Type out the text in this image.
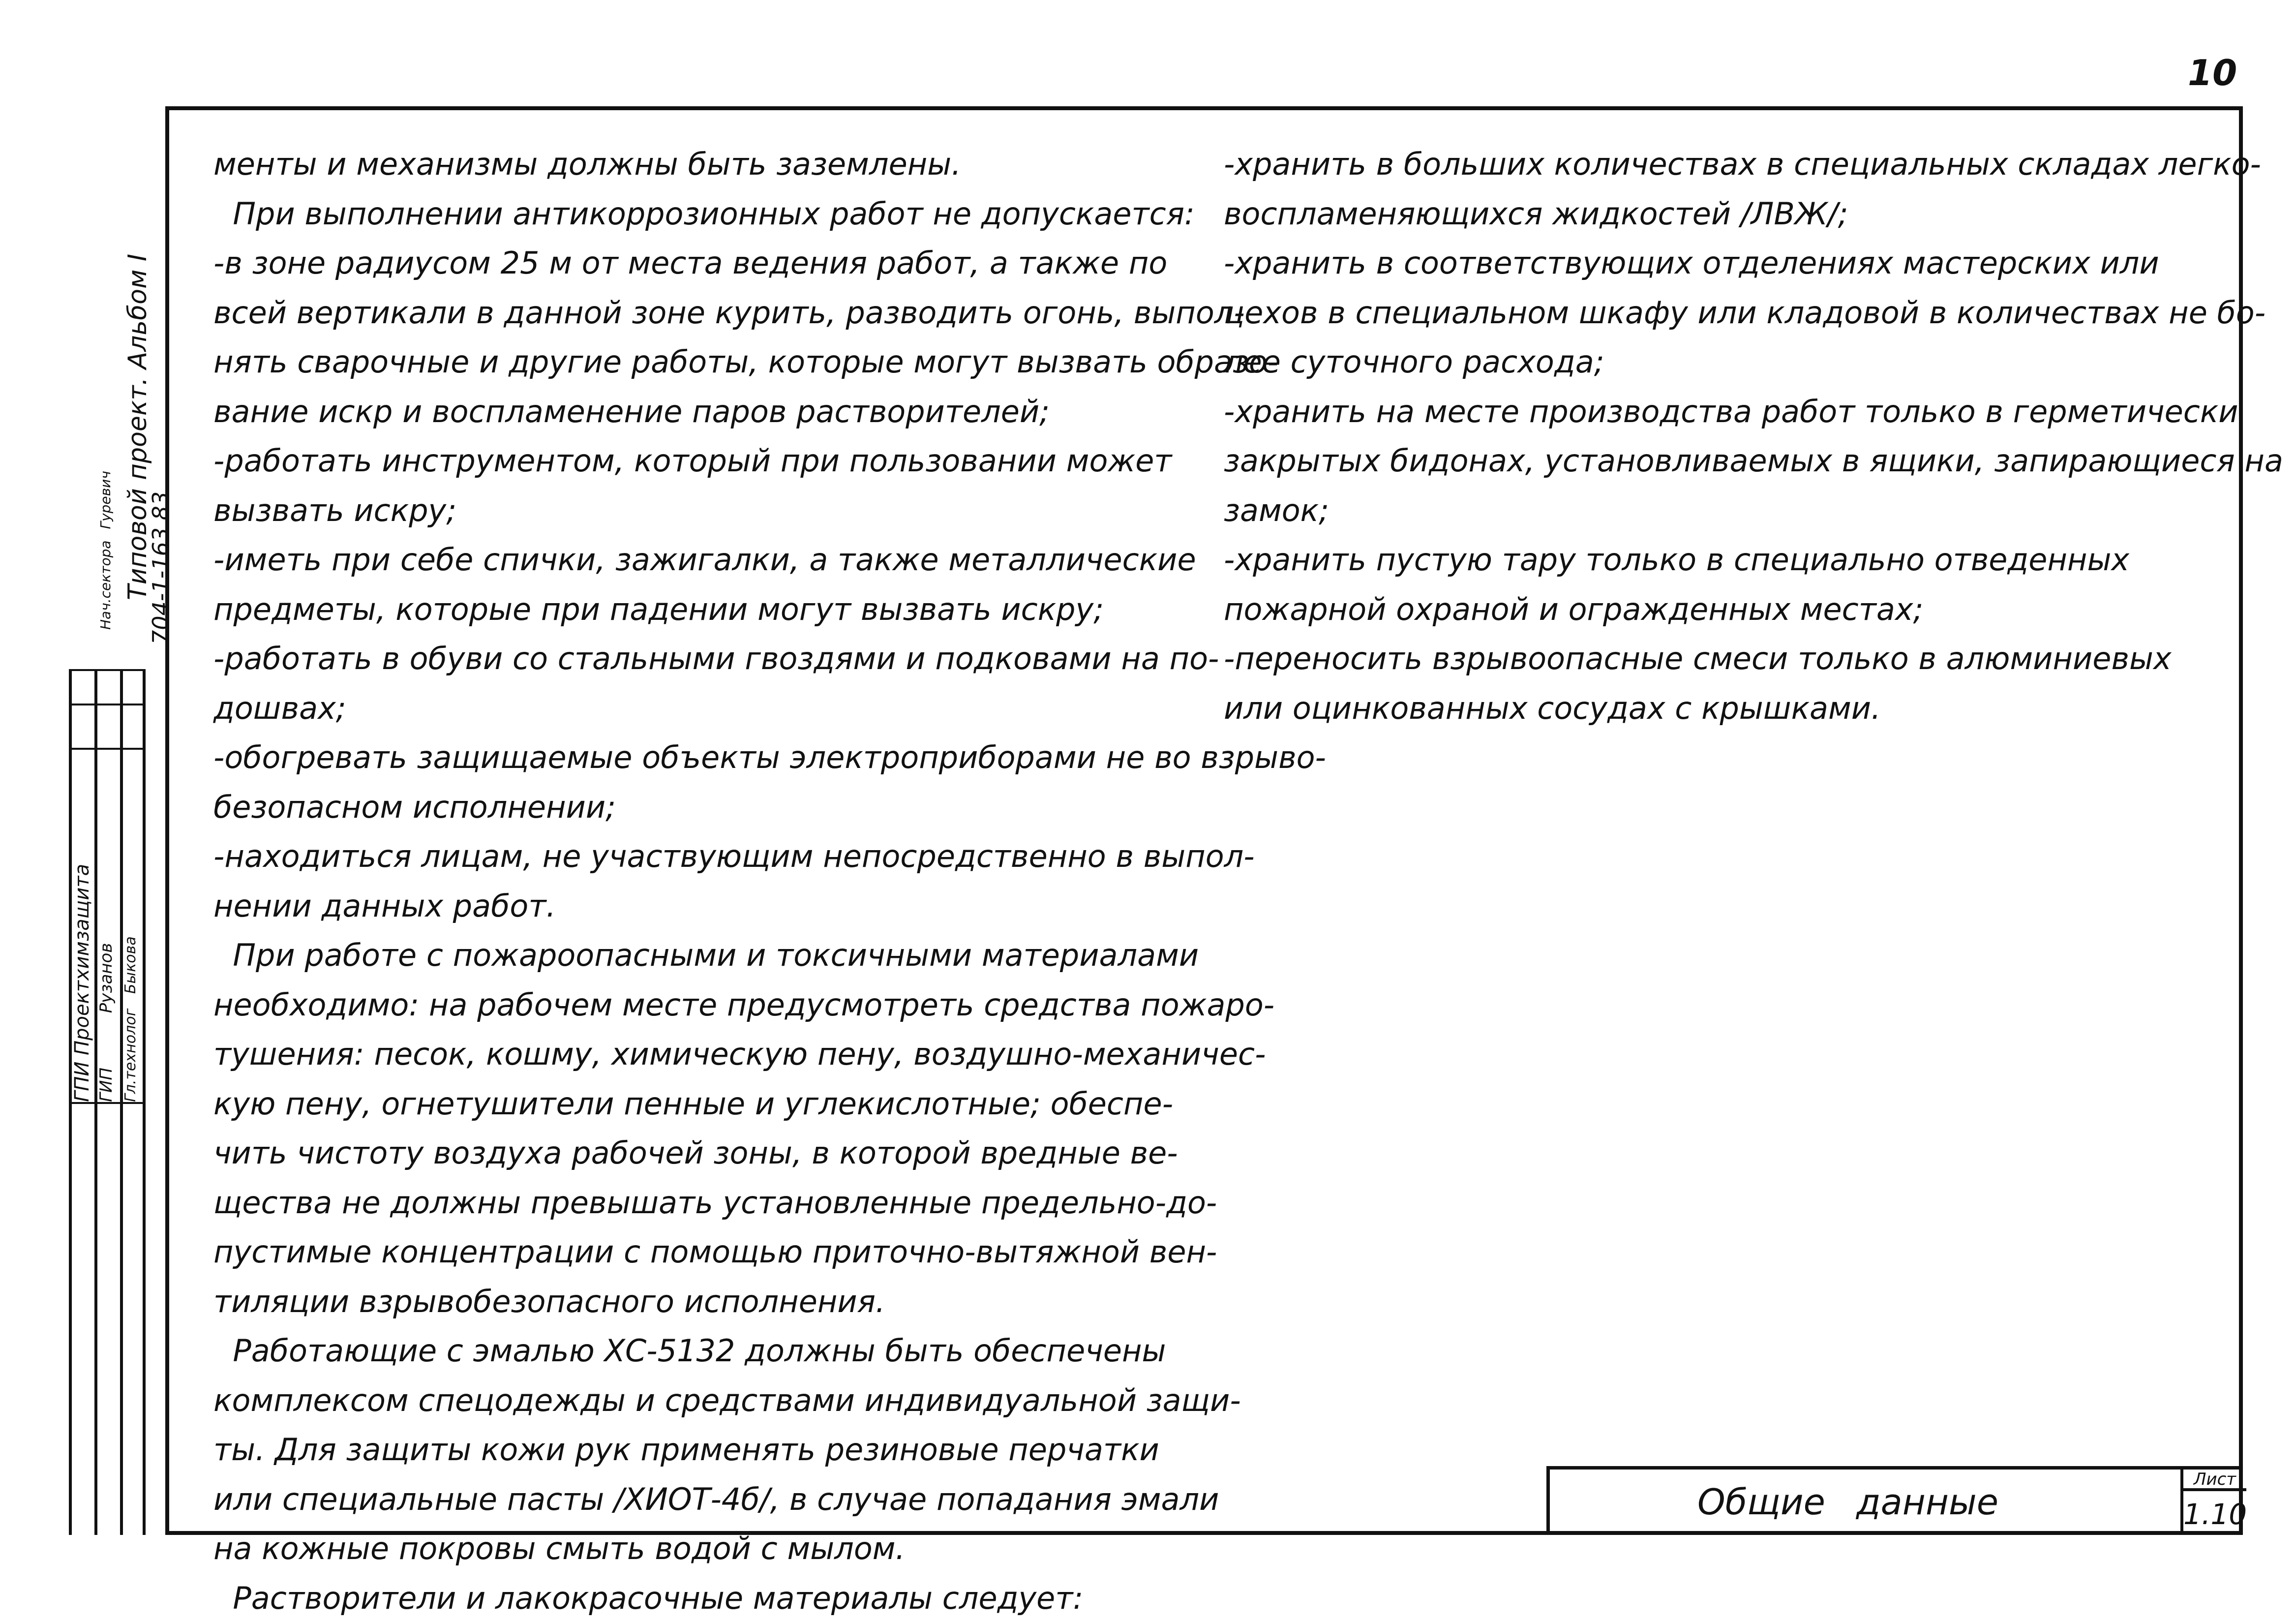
10
менты и механизмы должны быть заземлены.
При выполнении антикоррозионных работ не допускается:
-в зоне радиусом 25 м от места ведения работ, а также по
всей вертикали в данной зоне курить, разводить огонь, выпол-
нять сварочные и другие работы, которые могут вызвать образо-
вание искр и воспламенение паров растворителей;
-работать инструментом, который при пользовании может
вызвать искру;
-иметь при себе спички, зажигалки, а также металлические
предметы, которые при падении могут вызвать искру;
-работать в обуви со стальными гвоздями и подковами на по-
дошвах;
-обогревать защищаемые объекты электроприборами не во взрыво-
безопасном исполнении;
-находиться лицам, не участвующим непосредственно в выпол-
нении данных работ.
При работе с пожароопасными и токсичными материалами
необходимо: на рабочем месте предусмотреть средства пожаро-
тушения: песок, кошму, химическую пену, воздушно-механичес-
кую пену, огнетушители пенные и углекислотные; обеспе-
чить чистоту воздуха рабочей зоны, в которой вредные ве-
щества не должны превышать установленные предельно-до-
пустимые концентрации с помощью приточно-вытяжной вен-
тиляции взрывобезопасного исполнения.
Работающие с эмалью ХС-5132 должны быть обеспечены
комплексом спецодежды и средствами индивидуальной защи-
ты. Для защиты кожи рук применять резиновые перчатки
или специальные пасты /ХИОТ-4б/, в случае попадания эмали
на кожные покровы смыть водой с мылом.
Растворители и лакокрасочные материалы следует:
-хранить в больших количествах в специальных складах легко-
воспламеняющихся жидкостей /ЛВЖ/;
-хранить в соответствующих отделениях мастерских или
цехов в специальном шкафу или кладовой в количествах не бо-
лее суточного расхода;
-хранить на месте производства работ только в герметически
закрытых бидонах, установливаемых в ящики, запирающиеся на
замок;
-хранить пустую тару только в специально отведенных
пожарной охраной и огражденных местах;
-переносить взрывоопасные смеси только в алюминиевых
или оцинкованных сосудах с крышками.
ГПИ Проектхимзащита ГИП Рузанов
Гл.технолог Быкова
Нач.сектора Гуревич Типовой проект. Альбом I
704-1-163.83
Общие данные
Лист
1.10
